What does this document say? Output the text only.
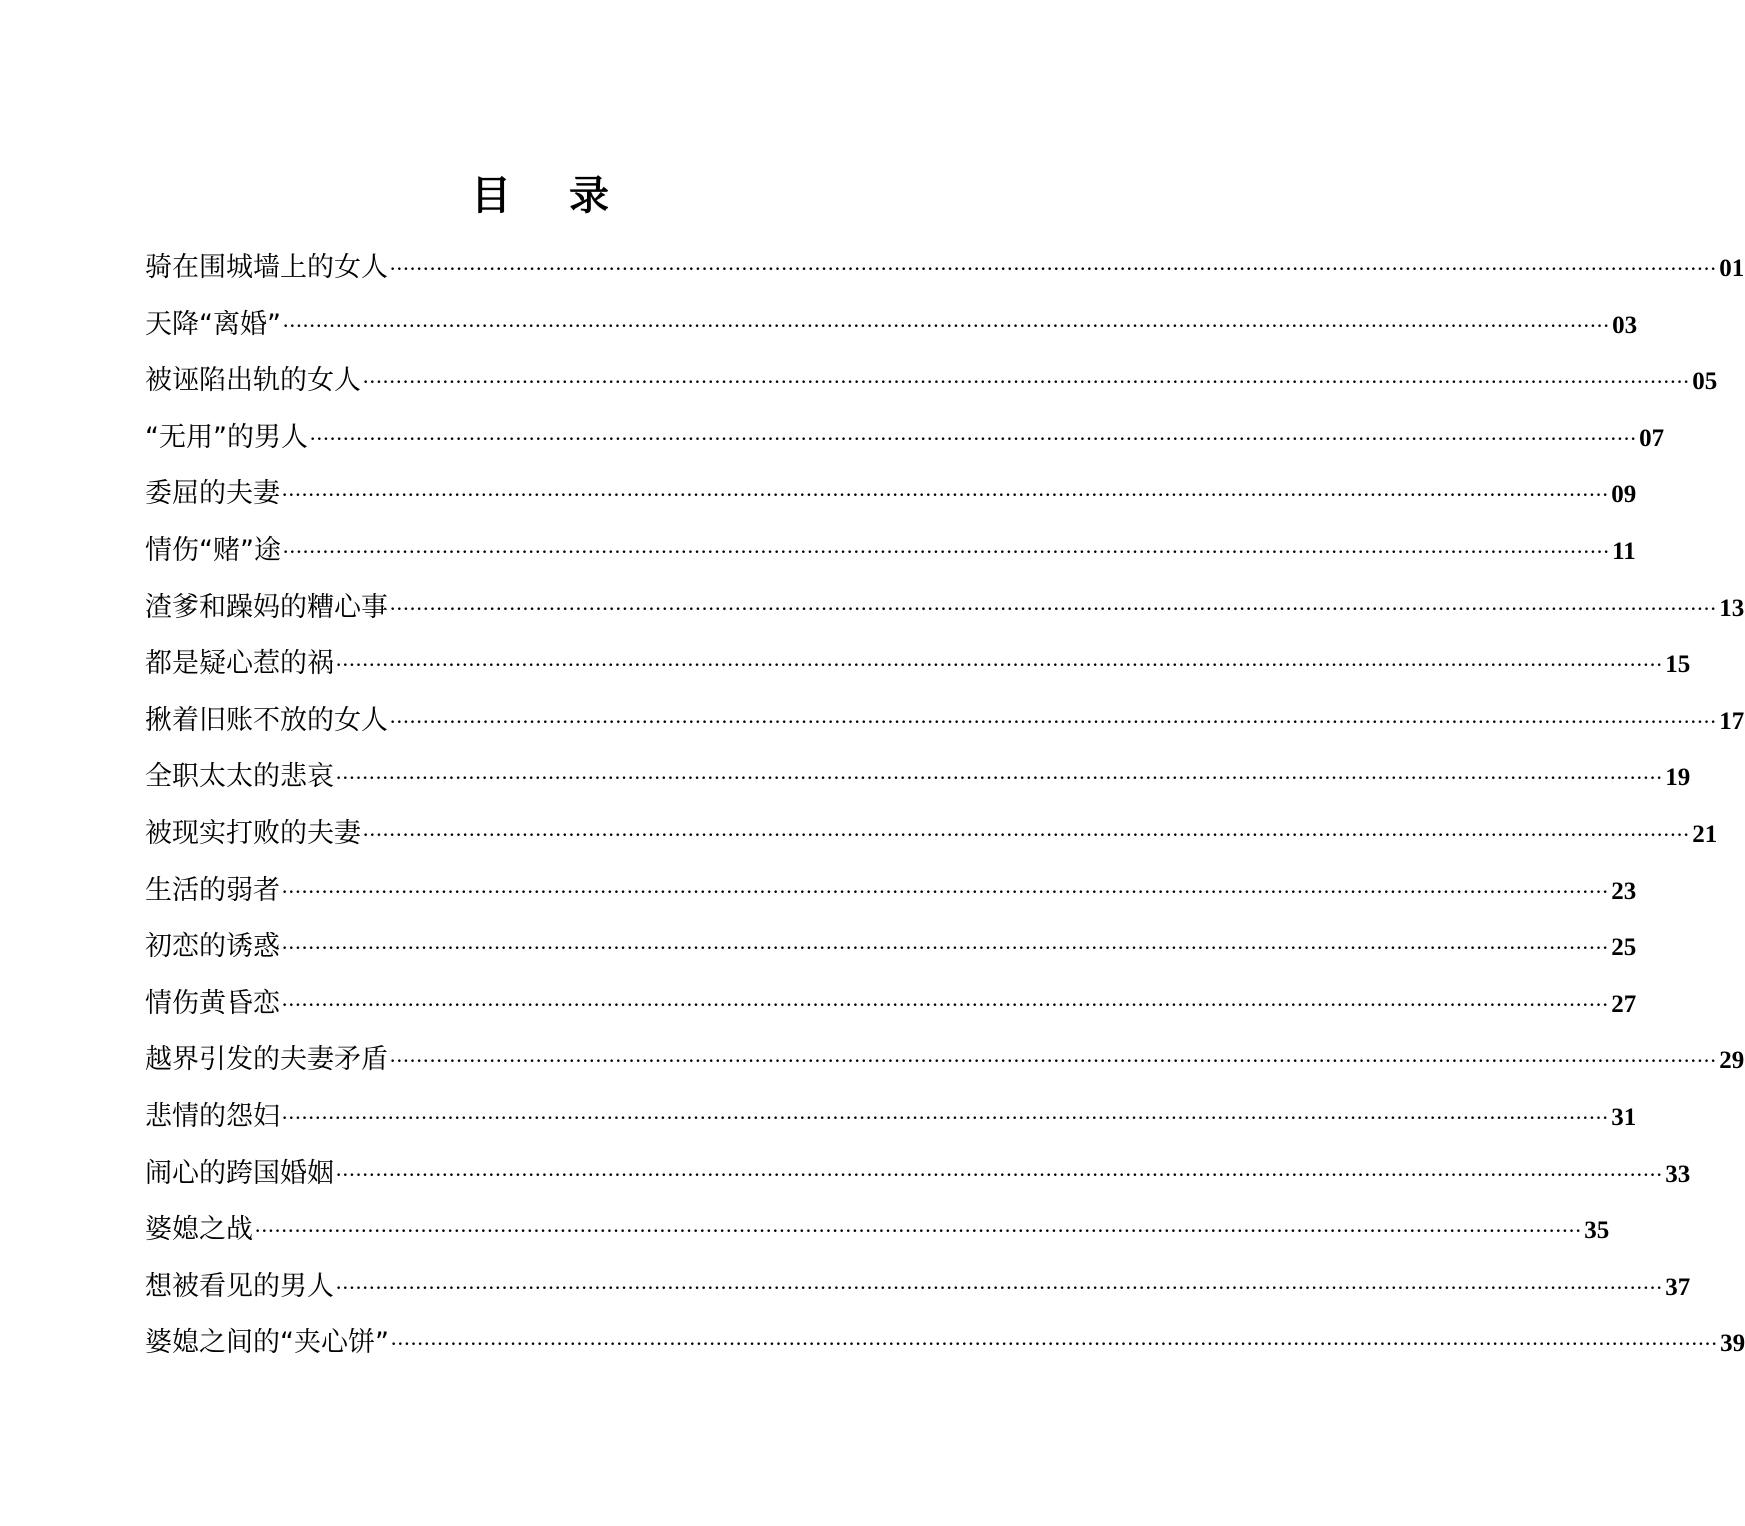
目 录
骑在围城墙上的女人 ········································································································································································································ 01
天降“离婚” ········································································································································································································ 03
被诬陷出轨的女人 ········································································································································································································ 05
“无用”的男人 ········································································································································································································ 07
委屈的夫妻 ········································································································································································································ 09
情伤“赌”途 ········································································································································································································ 11
渣爹和躁妈的糟心事 ········································································································································································································ 13
都是疑心惹的祸 ········································································································································································································ 15
揪着旧账不放的女人 ········································································································································································································ 17
全职太太的悲哀 ········································································································································································································ 19
被现实打败的夫妻 ········································································································································································································ 21
生活的弱者 ········································································································································································································ 23
初恋的诱惑 ········································································································································································································ 25
情伤黄昏恋 ········································································································································································································ 27
越界引发的夫妻矛盾 ········································································································································································································ 29
悲情的怨妇 ········································································································································································································ 31
闹心的跨国婚姻 ········································································································································································································ 33
婆媳之战 ········································································································································································································ 35
想被看见的男人 ········································································································································································································ 37
婆媳之间的“夹心饼” ········································································································································································································ 39
